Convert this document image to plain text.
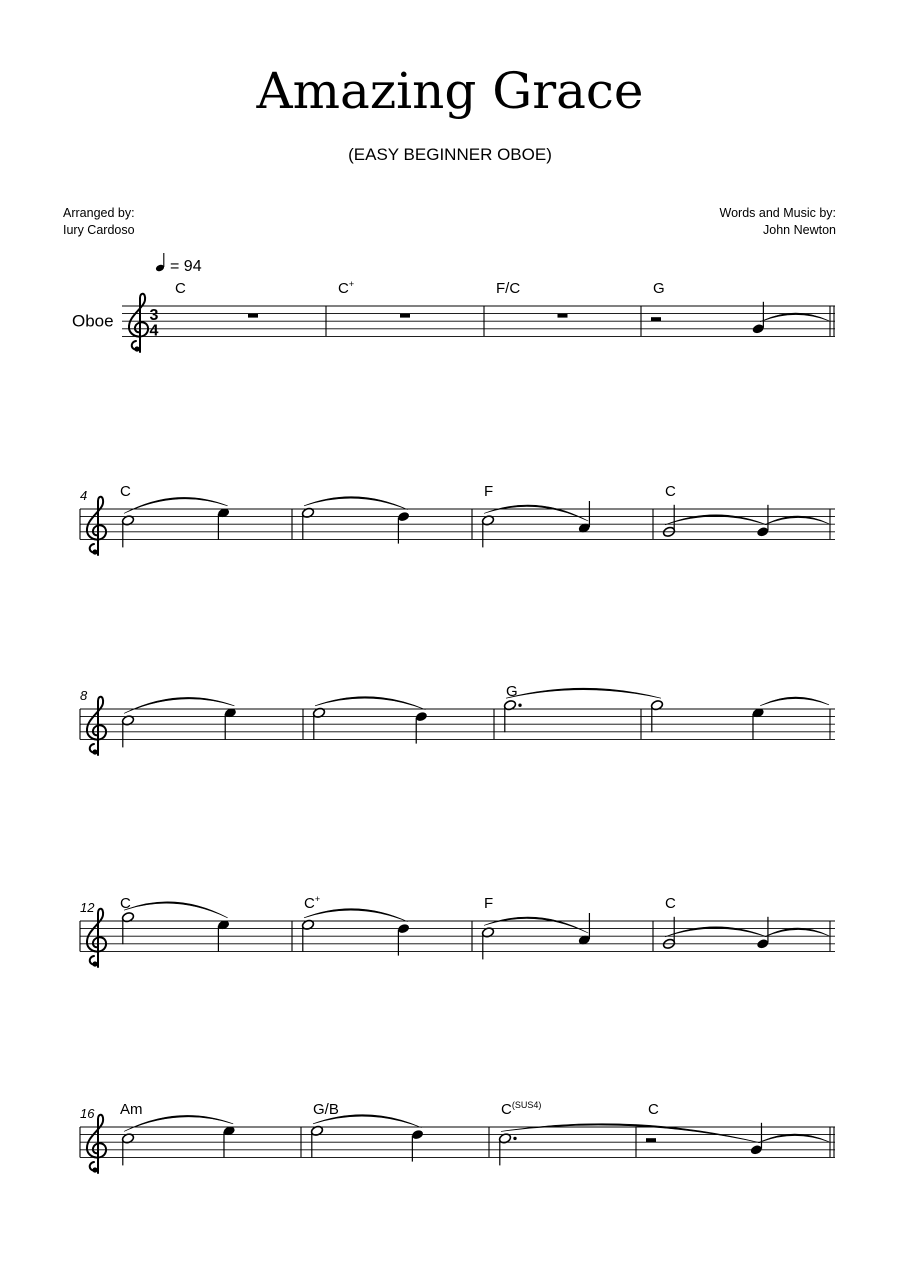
Amazing Grace
(EASY BEGINNER OBOE)
Arranged by:
Iury Cardoso
Words and Music by:
John Newton
= 94
Oboe 3
4
C	C+	F/C	G
4 C	F	C
8	G
12 C	C+	F	C
16 Am	G/B	$C^{(SUS4)}$	C
